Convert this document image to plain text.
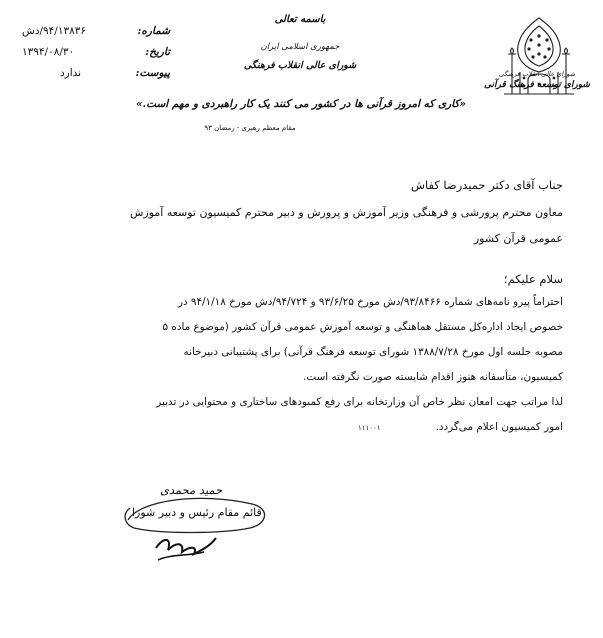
۹۴/۱۳۸۳۶/دش	شماره:
۱۳۹۴/۰۸/۳۰	تاریخ:
ندارد	پیوست:
باسمه تعالی
جمهوری اسلامی ایران
شورای عالی انقلاب فرهنگی
«کاری که امروز قرآنی ها در کشور می کنند یک کار راهبردی و مهم است.»
مقام معظم رهبری - رمضان ۹۳
شورای عالی انقلاب فرهنگی
شورای توسعه فرهنگ قرآنی
جناب آقای دکتر حمیدرضا کفاش
معاون محترم پرورشی و فرهنگی وزیر آموزش و پرورش و دبیر محترم کمیسیون توسعه آموزش
عمومی قرآن کشور
سلام علیکم؛
احتراماً پیرو نامه‌های شماره ۹۳/۸۴۶۶/دش مورخ ۹۳/۶/۲۵ و ۹۴/۷۲۴/دش مورخ ۹۴/۱/۱۸ در
خصوص ایجاد اداره‌کل مستقل هماهنگی و توسعه آموزش عمومی قرآن کشور (موضوع ماده ۵
مصوبه جلسه اول مورخ ۱۳۸۸/۷/۲۸ شورای توسعه فرهنگ قرآنی) برای پشتیبانی دبیرخانه
کمیسیون، متأسفانه هنوز اقدام شایسته صورت نگرفته است.
لذا مراتب جهت امعان نظر خاص آن وزارتخانه برای رفع کمبودهای ساختاری و محتوایی در تدبیر
امور کمیسیون اعلام می‌گردد.
۱۱۱۰۰۱
حمید محمدی
قائم مقام رئیس و دبیر شورا
